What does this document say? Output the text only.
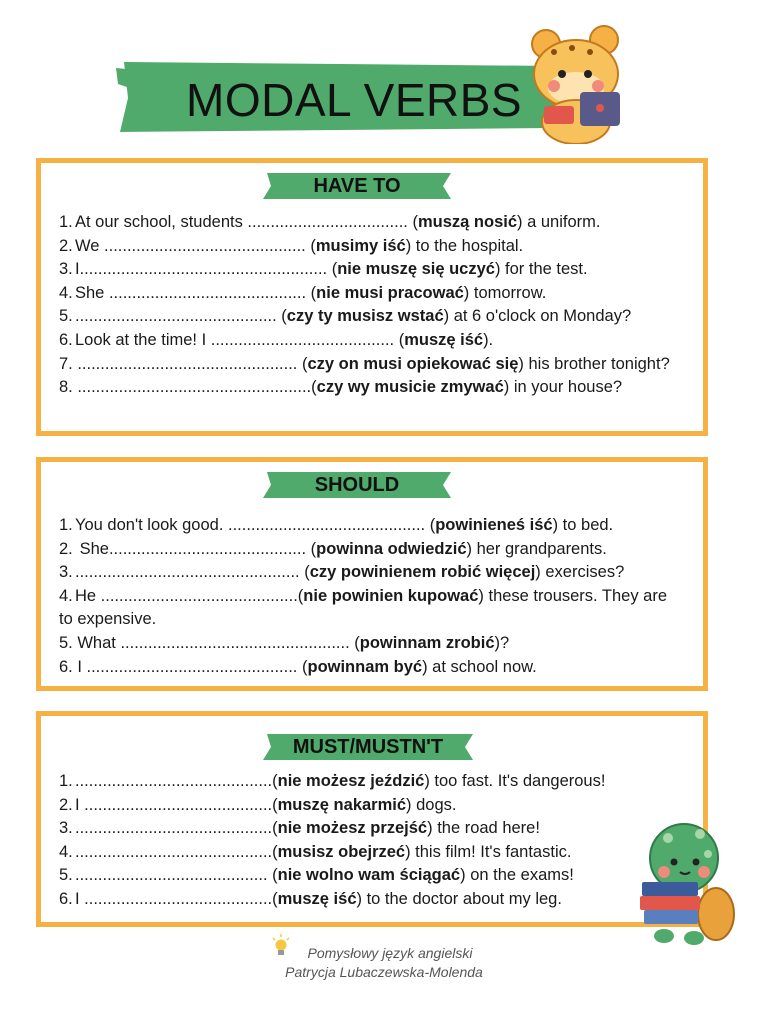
MODAL VERBS
HAVE TO
1. At our school, students ................................... (muszą nosić) a uniform.
2. We ............................................ (musimy iść) to the hospital.
3. I...................................................... (nie muszę się uczyć) for the test.
4. She ........................................... (nie musi pracować) tomorrow.
5. ............................................ (czy ty musisz wstać) at 6 o'clock on Monday?
6. Look at the time! I ........................................ (muszę iść).
7. ................................................ (czy on musi opiekować się) his brother tonight?
8. ...................................................(czy wy musicie zmywać) in your house?
SHOULD
1. You don't look good. ........................................... (powinieneś iść) to bed.
2. She........................................... (powinna odwiedzić) her grandparents.
3. ................................................. (czy powinienem robić więcej) exercises?
4. He ...........................................(nie powinien kupować) these trousers. They are to expensive.
5. What .................................................. (powinnam zrobić)?
6. I .............................................. (powinnam być) at school now.
MUST/MUSTN'T
1. ...........................................(nie możesz jeździć) too fast. It's dangerous!
2. I .........................................(muszę nakarmić) dogs.
3. ...........................................(nie możesz przejść) the road here!
4. ...........................................(musisz obejrzeć) this film! It's fantastic.
5. .......................................... (nie wolno wam ściągać) on the exams!
6. I .........................................(muszę iść) to the doctor about my leg.
Pomysłowy język angielski
Patrycja Lubaczewska-Molenda
